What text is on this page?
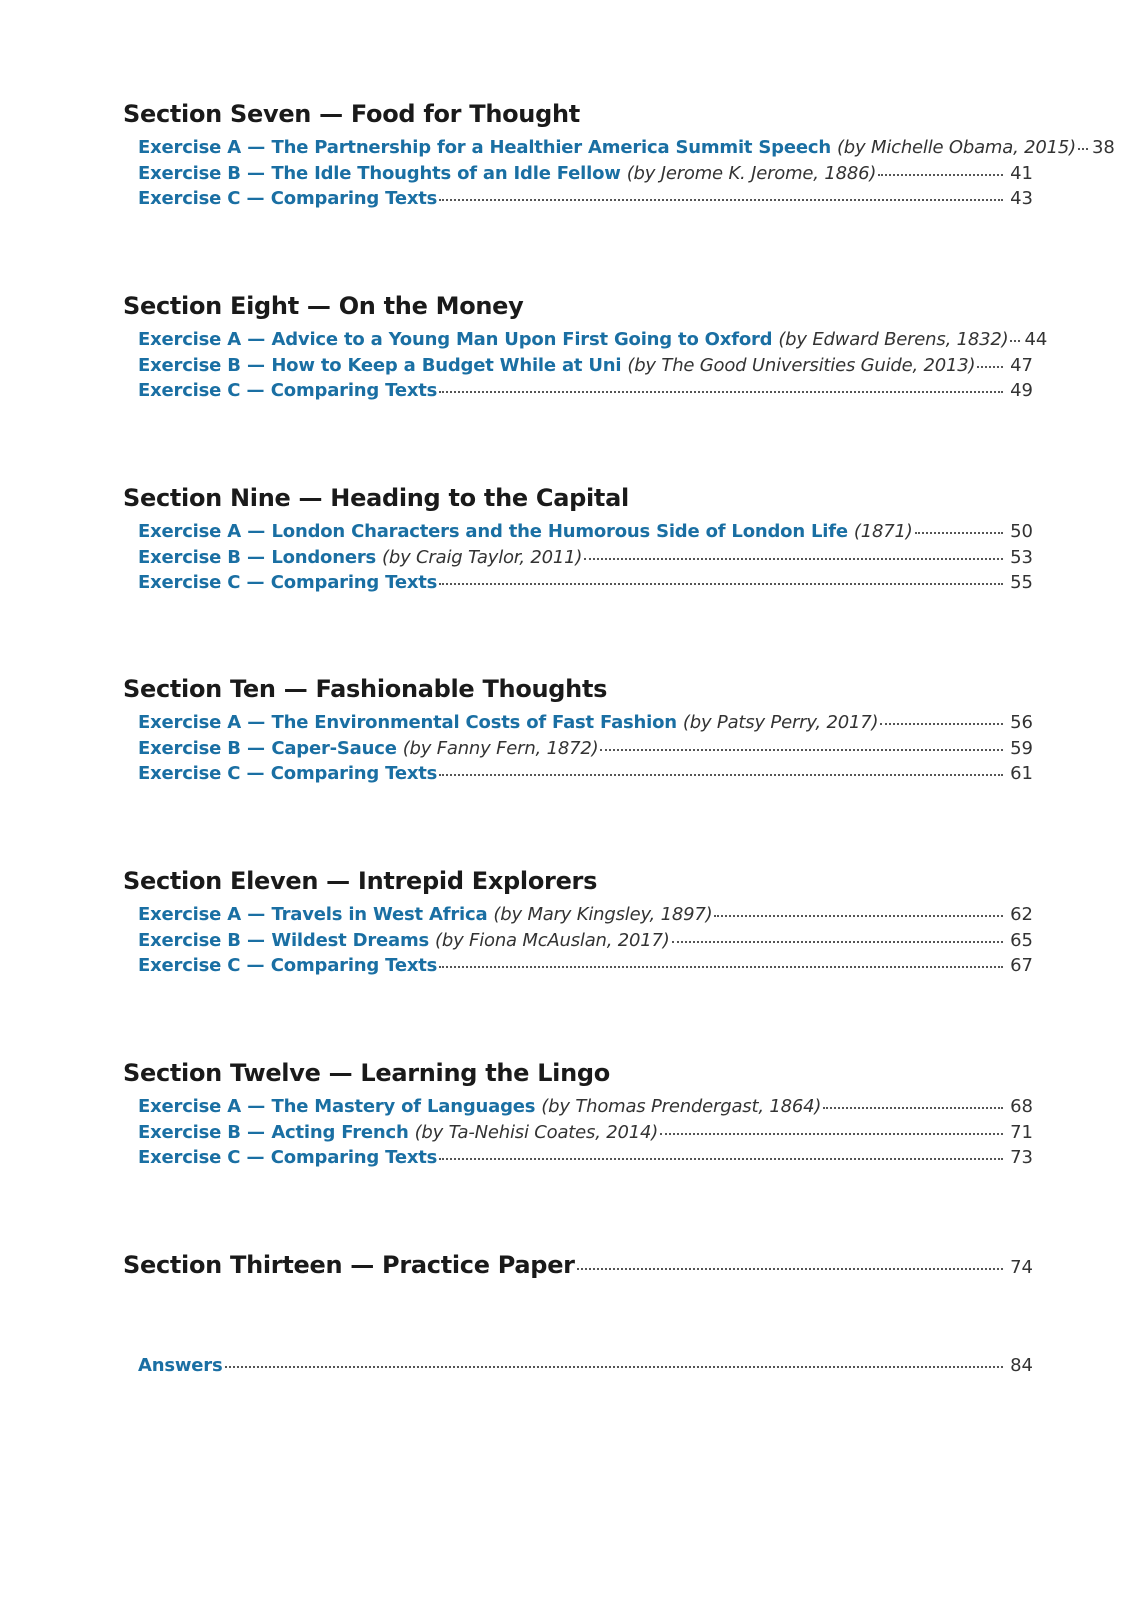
Section Seven — Food for Thought
Exercise A — The Partnership for a Healthier America Summit Speech (by Michelle Obama, 2015) 38
Exercise B — The Idle Thoughts of an Idle Fellow (by Jerome K. Jerome, 1886)	41
Exercise C — Comparing Texts	43
Section Eight — On the Money
Exercise A — Advice to a Young Man Upon First Going to Oxford (by Edward Berens, 1832) 44
Exercise B — How to Keep a Budget While at Uni (by The Good Universities Guide, 2013) 47
Exercise C — Comparing Texts	49
Section Nine — Heading to the Capital
Exercise A — London Characters and the Humorous Side of London Life (1871)	50
Exercise B — Londoners (by Craig Taylor, 2011)	53
Exercise C — Comparing Texts	55
Section Ten — Fashionable Thoughts
Exercise A — The Environmental Costs of Fast Fashion (by Patsy Perry, 2017)	56
Exercise B — Caper-Sauce (by Fanny Fern, 1872)	59
Exercise C — Comparing Texts	61
Section Eleven — Intrepid Explorers
Exercise A — Travels in West Africa (by Mary Kingsley, 1897)	62
Exercise B — Wildest Dreams (by Fiona McAuslan, 2017)	65
Exercise C — Comparing Texts	67
Section Twelve — Learning the Lingo
Exercise A — The Mastery of Languages (by Thomas Prendergast, 1864)	68
Exercise B — Acting French (by Ta-Nehisi Coates, 2014)	71
Exercise C — Comparing Texts	73
Section Thirteen — Practice Paper	74
Answers	84
